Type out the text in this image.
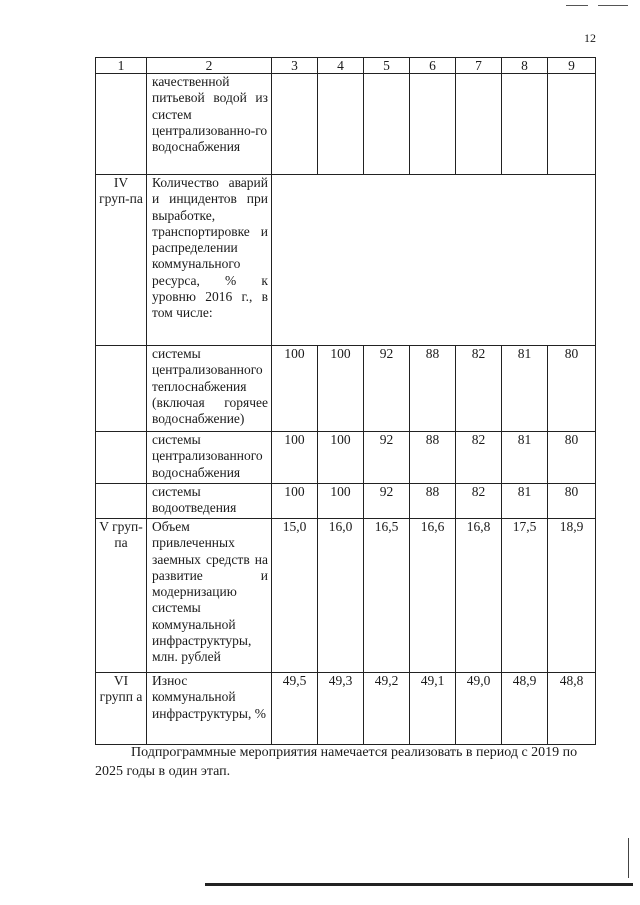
12
1	2	3	4	5	6	7	8	9
	качественной питьевой водой из систем централизованно-го водоснабжения							
IV груп-па	Количество аварий и инцидентов при выработке, транспортировке и распределении коммунального ресурса, % к уровню 2016 г., в том числе:							
	системы централизованного теплоснабжения (включая горячее водоснабжение)	100	100	92	88	82	81	80
	системы централизованного водоснабжения	100	100	92	88	82	81	80
	системы водоотведения	100	100	92	88	82	81	80
V груп-па	Объем привлеченных заемных средств на развитие и модернизацию системы коммунальной инфраструктуры, млн. рублей	15,0	16,0	16,5	16,6	16,8	17,5	18,9
VI групп а	Износ коммунальной инфраструктуры, %	49,5	49,3	49,2	49,1	49,0	48,9	48,8

Подпрограммные мероприятия намечается реализовать в период с 2019 по 2025 годы в один этап.
